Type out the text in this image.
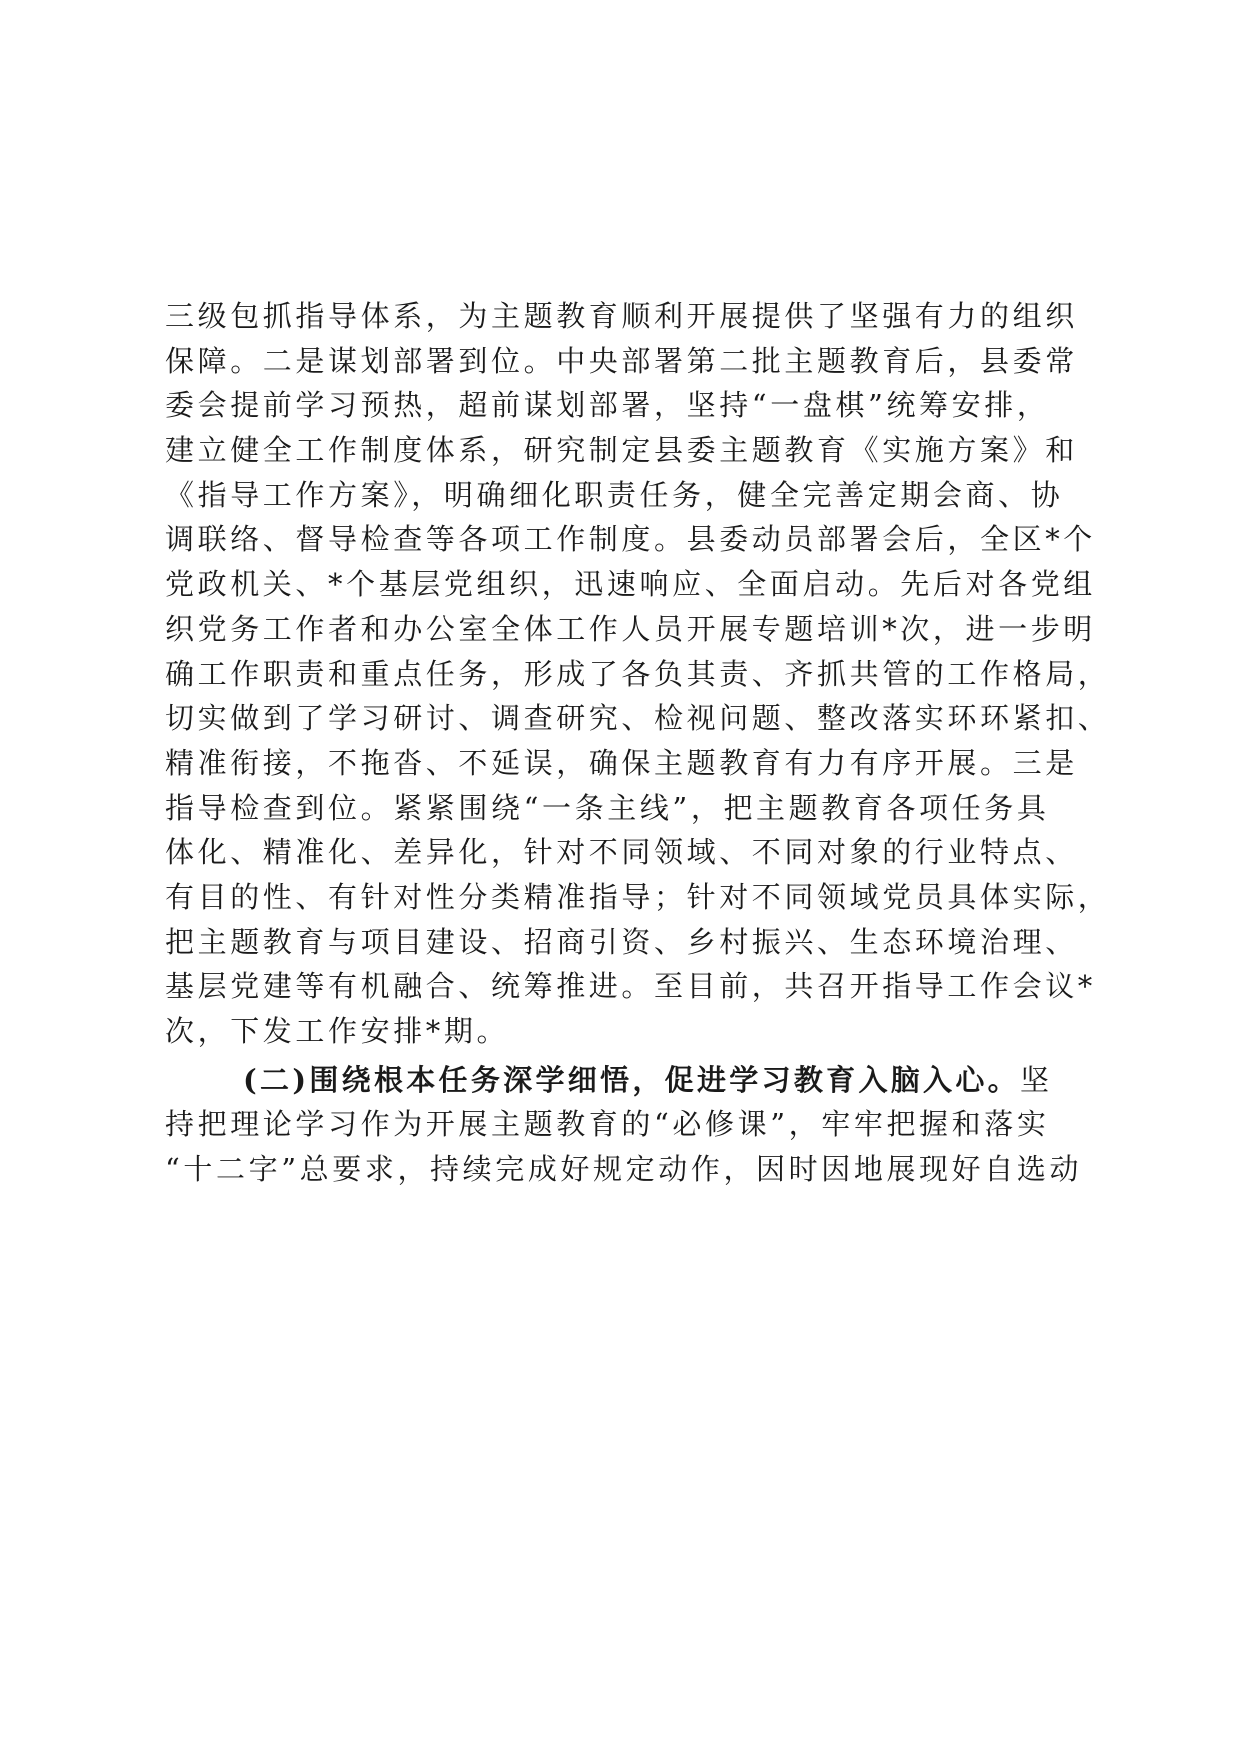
三级包抓指导体系，为主题教育顺利开展提供了坚强有力的组织
保障。二是谋划部署到位。中央部署第二批主题教育后，县委常
委会提前学习预热，超前谋划部署，坚持“一盘棋”统筹安排，
建立健全工作制度体系，研究制定县委主题教育《实施方案》和
《指导工作方案》，明确细化职责任务，健全完善定期会商、协
调联络、督导检查等各项工作制度。县委动员部署会后，全区*个
党政机关、*个基层党组织，迅速响应、全面启动。先后对各党组
织党务工作者和办公室全体工作人员开展专题培训*次，进一步明
确工作职责和重点任务，形成了各负其责、齐抓共管的工作格局，
切实做到了学习研讨、调查研究、检视问题、整改落实环环紧扣、
精准衔接，不拖沓、不延误，确保主题教育有力有序开展。三是
指导检查到位。紧紧围绕“一条主线”，把主题教育各项任务具
体化、精准化、差异化，针对不同领域、不同对象的行业特点、
有目的性、有针对性分类精准指导；针对不同领域党员具体实际，
把主题教育与项目建设、招商引资、乡村振兴、生态环境治理、
基层党建等有机融合、统筹推进。至目前，共召开指导工作会议*
次，下发工作安排*期。
(二)围绕根本任务深学细悟，促进学习教育入脑入心。坚
持把理论学习作为开展主题教育的“必修课”，牢牢把握和落实
“十二字”总要求，持续完成好规定动作，因时因地展现好自选动
